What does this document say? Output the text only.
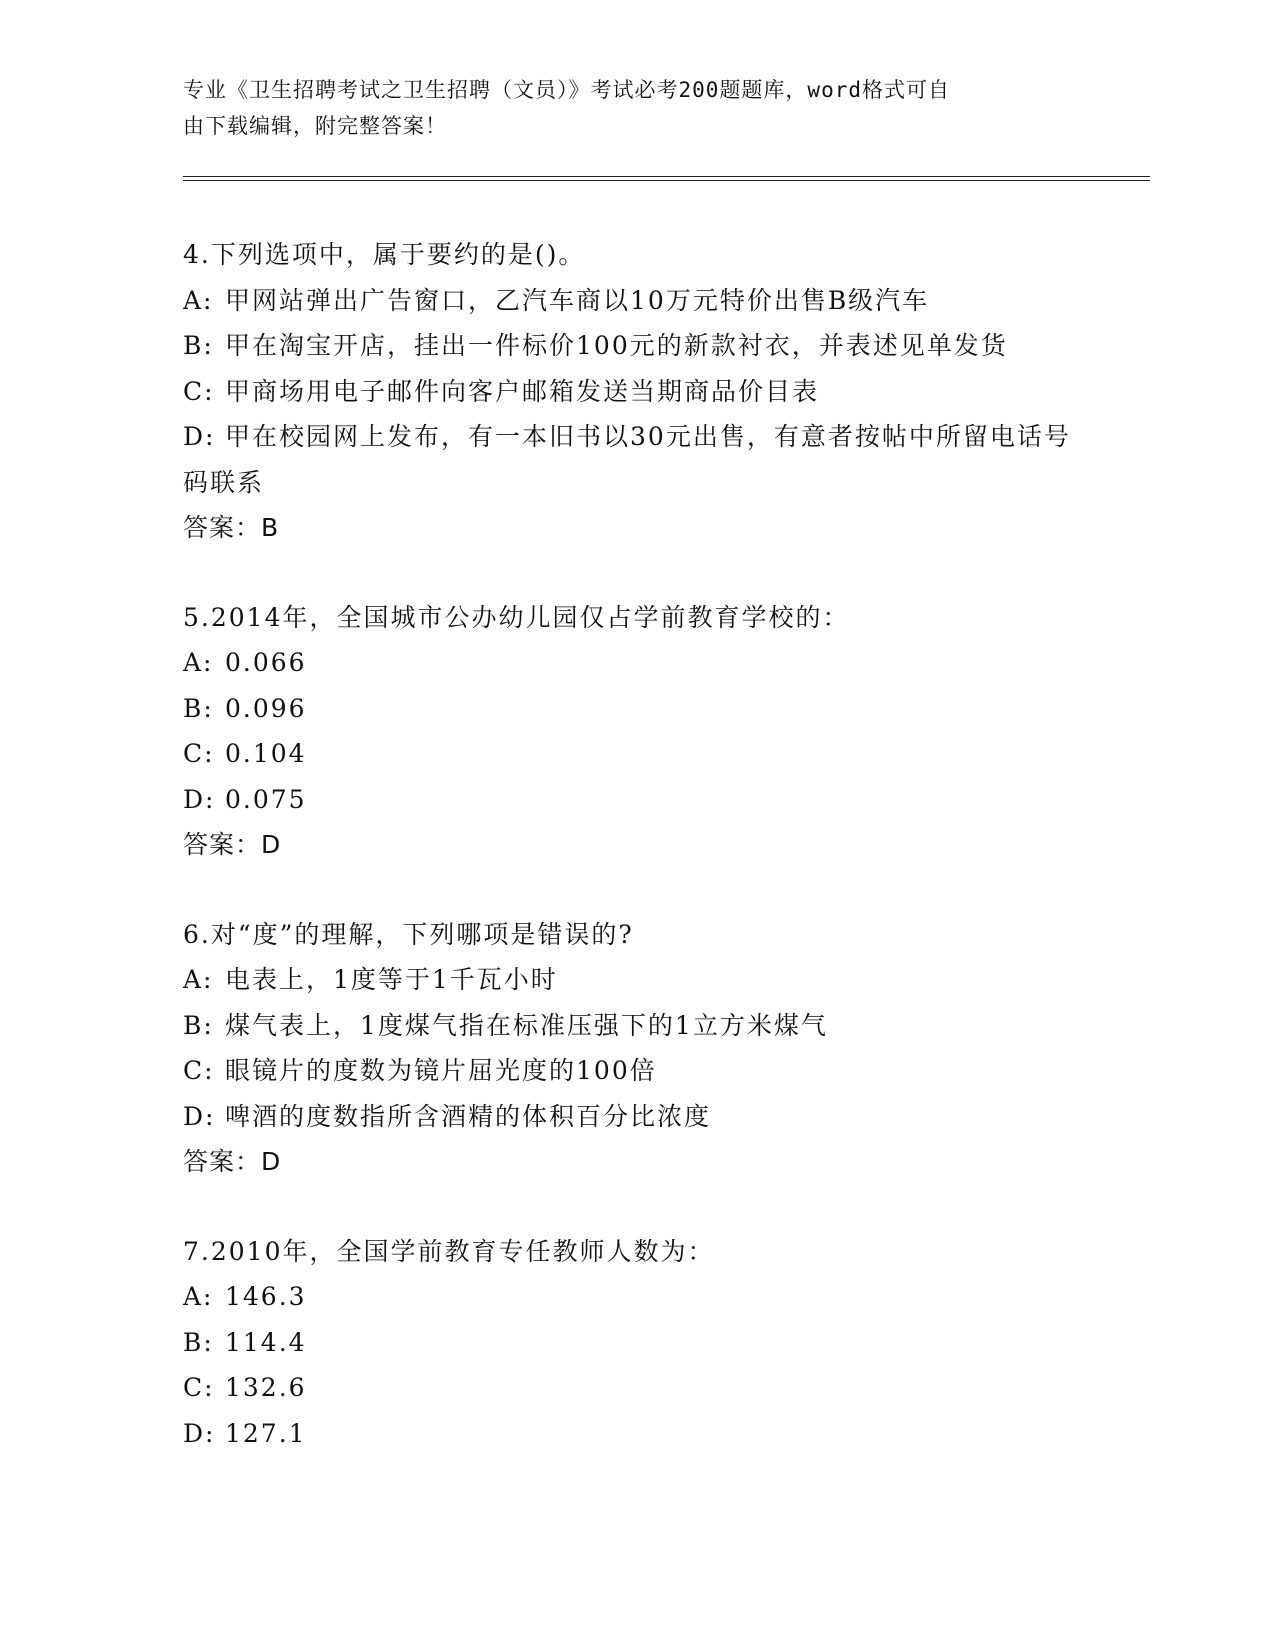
专业《卫生招聘考试之卫生招聘（文员）》考试必考200题题库，word格式可自
由下载编辑，附完整答案！
4.下列选项中，属于要约的是()。
A: 甲网站弹出广告窗口，乙汽车商以10万元特价出售B级汽车
B: 甲在淘宝开店，挂出一件标价100元的新款衬衣，并表述见单发货
C: 甲商场用电子邮件向客户邮箱发送当期商品价目表
D: 甲在校园网上发布，有一本旧书以30元出售，有意者按帖中所留电话号码联系
答案：B
5.2014年，全国城市公办幼儿园仅占学前教育学校的：
A: 0.066
B: 0.096
C: 0.104
D: 0.075
答案：D
6.对“度”的理解，下列哪项是错误的?
A: 电表上，1度等于1千瓦小时
B: 煤气表上，1度煤气指在标准压强下的1立方米煤气
C: 眼镜片的度数为镜片屈光度的100倍
D: 啤酒的度数指所含酒精的体积百分比浓度
答案：D
7.2010年，全国学前教育专任教师人数为：
A: 146.3
B: 114.4
C: 132.6
D: 127.1
